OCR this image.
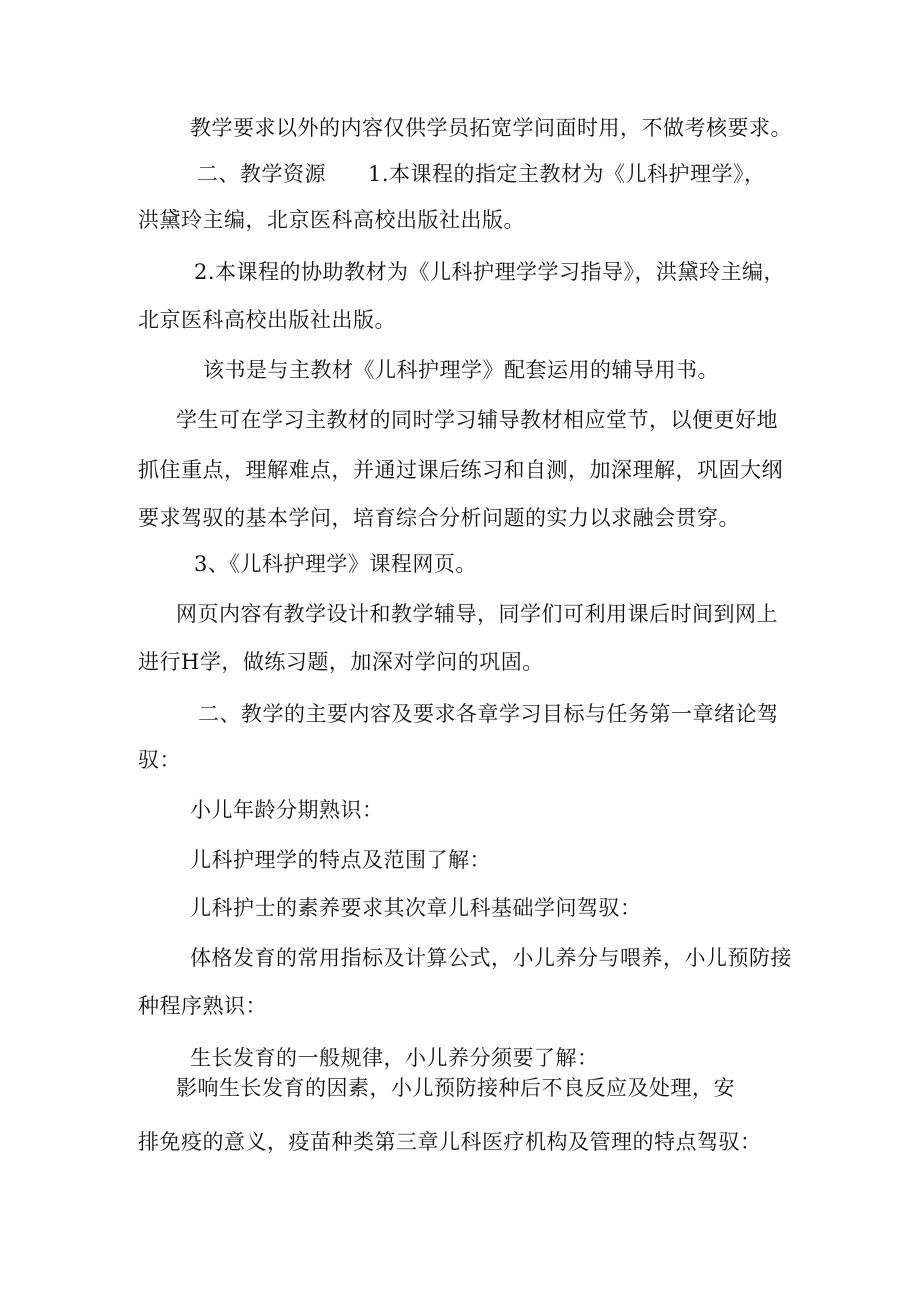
教学要求以外的内容仅供学员拓宽学问面时用，不做考核要求。
二、教学资源 1.本课程的指定主教材为《儿科护理学》，
洪黛玲主编，北京医科高校出版社出版。
2.本课程的协助教材为《儿科护理学学习指导》，洪黛玲主编，
北京医科高校出版社出版。
该书是与主教材《儿科护理学》配套运用的辅导用书。
学生可在学习主教材的同时学习辅导教材相应堂节，以便更好地
抓住重点，理解难点，并通过课后练习和自测，加深理解，巩固大纲
要求驾驭的基本学问，培育综合分析问题的实力以求融会贯穿。
3、《儿科护理学》课程网页。
网页内容有教学设计和教学辅导，同学们可利用课后时间到网上
进行H学，做练习题，加深对学问的巩固。
二、教学的主要内容及要求各章学习目标与任务第一章绪论驾
驭：
小儿年龄分期熟识：
儿科护理学的特点及范围了解：
儿科护士的素养要求其次章儿科基础学问驾驭：
体格发育的常用指标及计算公式，小儿养分与喂养，小儿预防接
种程序熟识：
生长发育的一般规律，小儿养分须要了解：
影响生长发育的因素，小儿预防接种后不良反应及处理，安
排免疫的意义，疫苗种类第三章儿科医疗机构及管理的特点驾驭：
